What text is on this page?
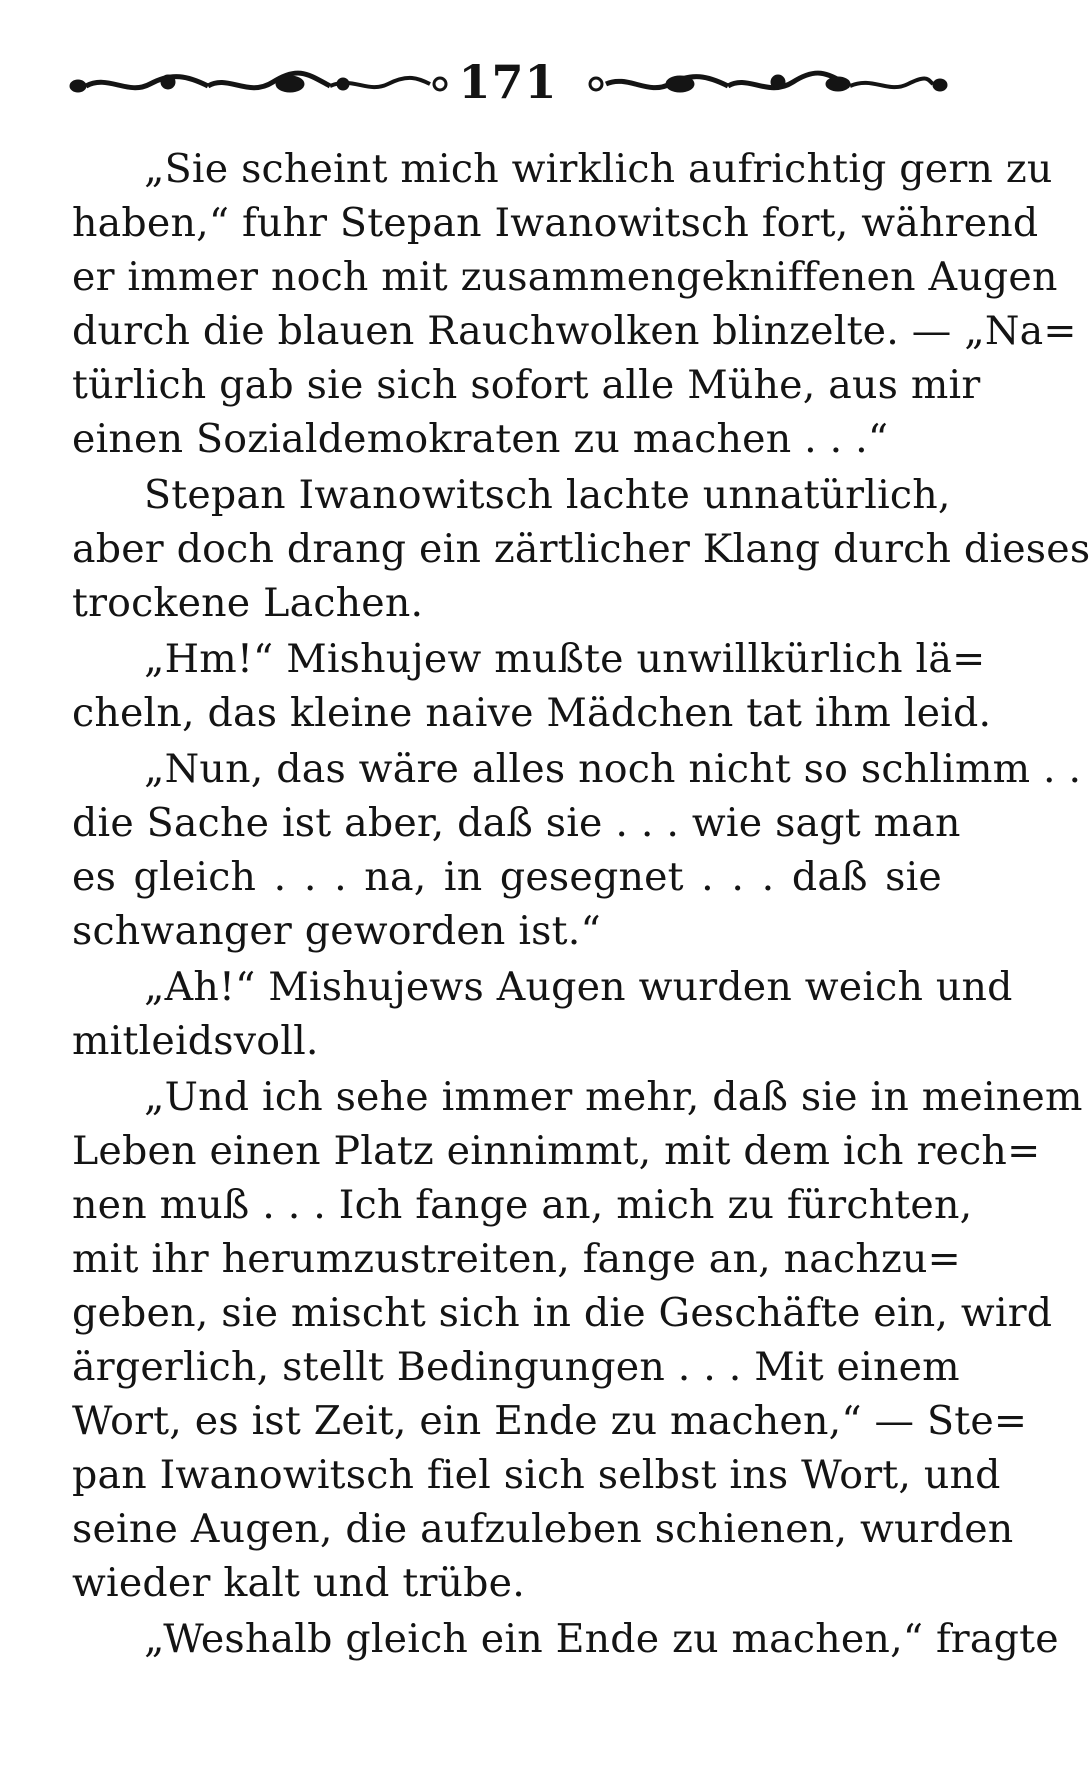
171
„Sie scheint mich wirklich aufrichtig gern zu
haben,“ fuhr Stepan Iwanowitsch fort, während
er immer noch mit zusammengekniffenen Augen
durch die blauen Rauchwolken blinzelte. — „Na=
türlich gab sie sich sofort alle Mühe, aus mir
einen Sozialdemokraten zu machen . . .“
Stepan Iwanowitsch lachte unnatürlich,
aber doch drang ein zärtlicher Klang durch dieses
trockene Lachen.
„Hm!“ Mishujew mußte unwillkürlich lä=
cheln, das kleine naive Mädchen tat ihm leid.
„Nun, das wäre alles noch nicht so schlimm . .
die Sache ist aber, daß sie . . . wie sagt man
es gleich . . . na, in gesegnet . . . daß sie
schwanger geworden ist.“
„Ah!“ Mishujews Augen wurden weich und
mitleidsvoll.
„Und ich sehe immer mehr, daß sie in meinem
Leben einen Platz einnimmt, mit dem ich rech=
nen muß . . . Ich fange an, mich zu fürchten,
mit ihr herumzustreiten, fange an, nachzu=
geben, sie mischt sich in die Geschäfte ein, wird
ärgerlich, stellt Bedingungen . . . Mit einem
Wort, es ist Zeit, ein Ende zu machen,“ — Ste=
pan Iwanowitsch fiel sich selbst ins Wort, und
seine Augen, die aufzuleben schienen, wurden
wieder kalt und trübe.
„Weshalb gleich ein Ende zu machen,“ fragte
